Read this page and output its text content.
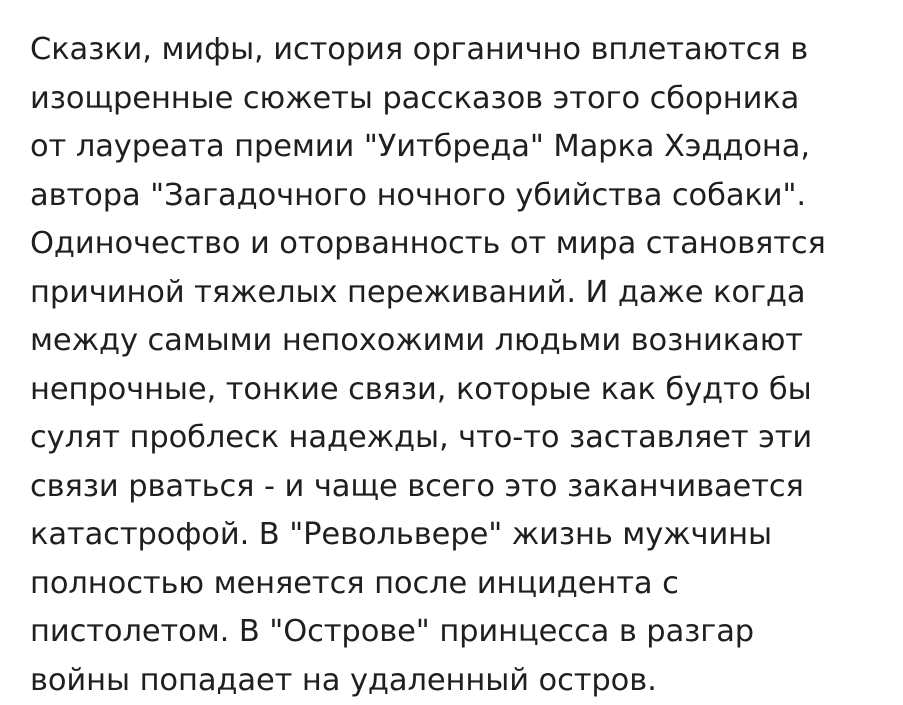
Сказки, мифы, история органично вплетаются в изощренные сюжеты рассказов этого сборника от лауреата премии "Уитбреда" Марка Хэддона, автора "Загадочного ночного убийства собаки". Одиночество и оторванность от мира становятся причиной тяжелых переживаний. И даже когда между самыми непохожими людьми возникают непрочные, тонкие связи, которые как будто бы сулят проблеск надежды, что-то заставляет эти связи рваться - и чаще всего это заканчивается катастрофой. В "Револьвере" жизнь мужчины полностью меняется после инцидента с пистолетом. В "Острове" принцесса в разгар войны попадает на удаленный остров.
